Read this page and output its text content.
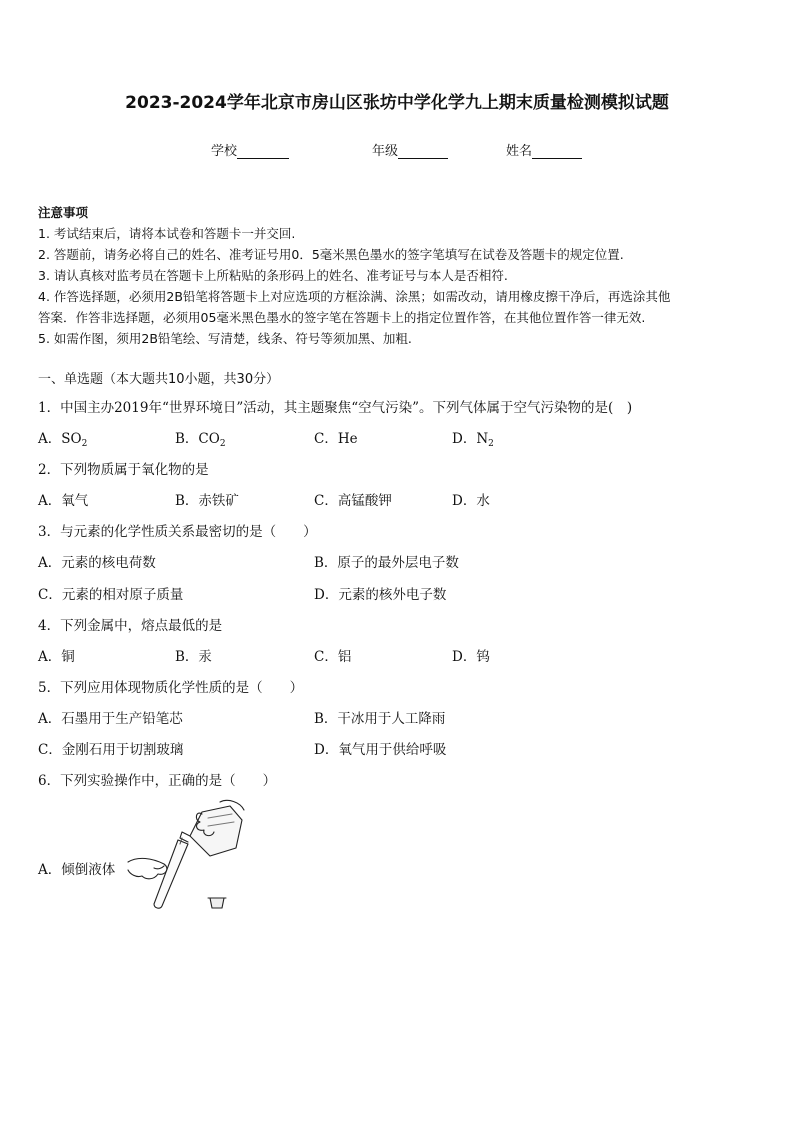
2023-2024学年北京市房山区张坊中学化学九上期末质量检测模拟试题
学校	年级	姓名
注意事项
1. 考试结束后，请将本试卷和答题卡一并交回.
2. 答题前，请务必将自己的姓名、准考证号用0．5毫米黑色墨水的签字笔填写在试卷及答题卡的规定位置.
3. 请认真核对监考员在答题卡上所粘贴的条形码上的姓名、准考证号与本人是否相符.
4. 作答选择题，必须用2B铅笔将答题卡上对应选项的方框涂满、涂黑；如需改动，请用橡皮擦干净后，再选涂其他
答案．作答非选择题，必须用05毫米黑色墨水的签字笔在答题卡上的指定位置作答，在其他位置作答一律无效.
5. 如需作图，须用2B铅笔绘、写清楚，线条、符号等须加黑、加粗.
一、单选题（本大题共10小题，共30分）
1．中国主办2019年“世界环境日”活动，其主题聚焦“空气污染”。下列气体属于空气污染物的是(　)
A．$SO_2$	B．$CO_2$	C．He	D．$N_2$
2．下列物质属于氧化物的是
A．氧气	B．赤铁矿	C．高锰酸钾	D．水
3．与元素的化学性质关系最密切的是（　　）
A．元素的核电荷数	B．原子的最外层电子数
C．元素的相对原子质量	D．元素的核外电子数
4．下列金属中，熔点最低的是
A．铜	B．汞	C．铝	D．钨
5．下列应用体现物质化学性质的是（　　）
A．石墨用于生产铅笔芯	B．干冰用于人工降雨
C．金刚石用于切割玻璃	D．氧气用于供给呼吸
6．下列实验操作中，正确的是（　　）
A．倾倒液体
